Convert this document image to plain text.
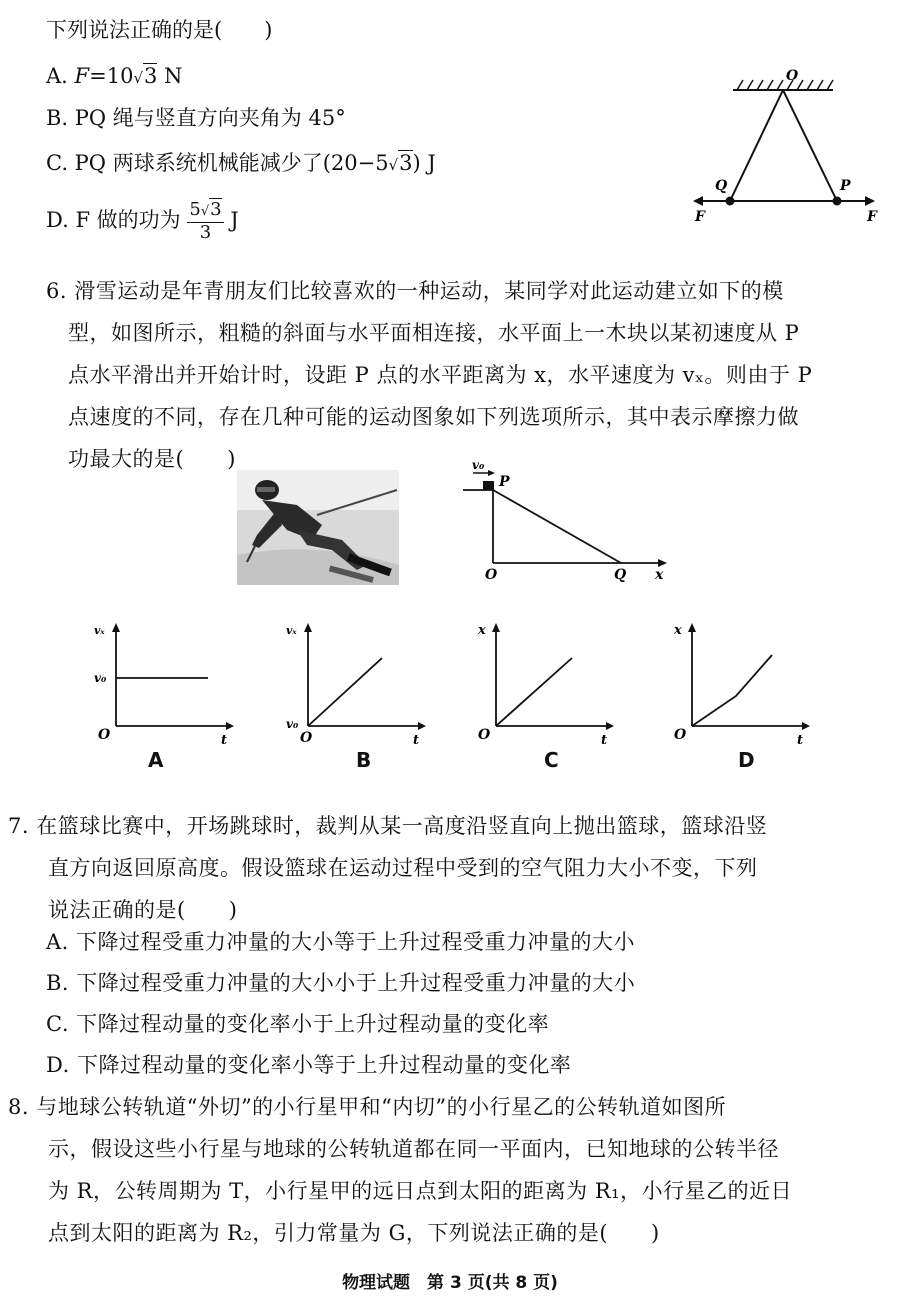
下列说法正确的是(　　)
A. F=10√3 N
B. PQ 绳与竖直方向夹角为 45°
C. PQ 两球系统机械能减少了(20−5√3) J
D. F 做的功为 $\frac{5√3}{3}$ J
O
Q	P
F	F

6. 滑雪运动是年青朋友们比较喜欢的一种运动，某同学对此运动建立如下的模

型，如图所示，粗糙的斜面与水平面相连接，水平面上一木块以某初速度从 P

点水平滑出并开始计时，设距 P 点的水平距离为 x，水平速度为 vₓ。则由于 P

点速度的不同，存在几种可能的运动图象如下列选项所示，其中表示摩擦力做

功最大的是(　　)	v₀
P
O	Q x
vₓ
v₀
O	t
A
vₓ
v₀
O	t
B
x
O	t
C
x
O	t
D

7. 在篮球比赛中，开场跳球时，裁判从某一高度沿竖直向上抛出篮球，篮球沿竖

直方向返回原高度。假设篮球在运动过程中受到的空气阻力大小不变，下列

说法正确的是(　　)

A. 下降过程受重力冲量的大小等于上升过程受重力冲量的大小

B. 下降过程受重力冲量的大小小于上升过程受重力冲量的大小

C. 下降过程动量的变化率小于上升过程动量的变化率

D. 下降过程动量的变化率小等于上升过程动量的变化率

8. 与地球公转轨道“外切”的小行星甲和“内切”的小行星乙的公转轨道如图所

示，假设这些小行星与地球的公转轨道都在同一平面内，已知地球的公转半径

为 R，公转周期为 T，小行星甲的远日点到太阳的距离为 R₁，小行星乙的近日

点到太阳的距离为 R₂，引力常量为 G，下列说法正确的是(　　)

物理试题　第 3 页(共 8 页)
